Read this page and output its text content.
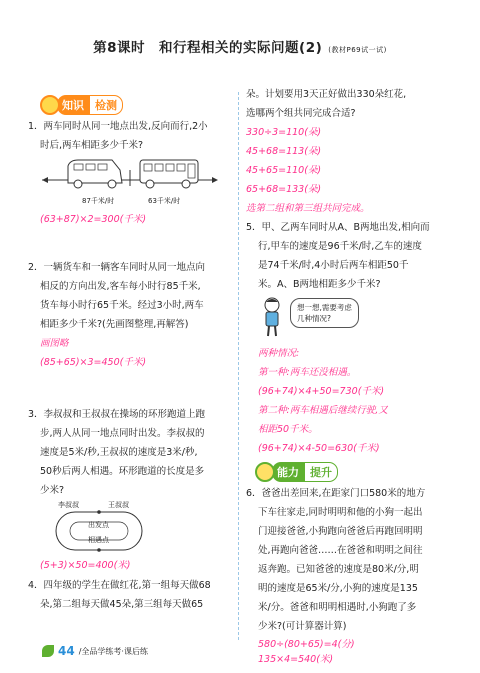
第8课时　和行程相关的实际问题(2) (教材P69试一试)
知识	检测
1．两车同时从同一地点出发,反向而行,2小
时后,两车相距多少千米?
87千米/时	63千米/时
(63+87)×2=300(千米)
2．一辆货车和一辆客车同时从同一地点向
相反的方向出发,客车每小时行85千米,
货车每小时行65千米。经过3小时,两车
相距多少千米?(先画图整理,再解答)
画图略
(85+65)×3=450(千米)
3．李叔叔和王叔叔在操场的环形跑道上跑
步,两人从同一地点同时出发。李叔叔的
速度是5米/秒,王叔叔的速度是3米/秒,
50秒后两人相遇。环形跑道的长度是多
少米?
李叔叔	王叔叔
出发点
相遇点
(5+3)×50=400(米)
4．四年级的学生在做红花,第一组每天做68
朵,第二组每天做45朵,第三组每天做65
朵。计划要用3天正好做出330朵红花,
选哪两个组共同完成合适?
330÷3=110(朵)
45+68=113(朵)
45+65=110(朵)
65+68=133(朵)
选第二组和第三组共同完成。
5．甲、乙两车同时从A、B两地出发,相向而
行,甲车的速度是96千米/时,乙车的速度
是74千米/时,4小时后两车相距50千
米。A、B两地相距多少千米?
想一想,需要考虑
几种情况?
两种情况:
第一种:两车还没相遇。
(96+74)×4+50=730(千米)
第二种:两车相遇后继续行驶,又
相距50千米。
(96+74)×4-50=630(千米)
能力	提升
6．爸爸出差回来,在距家门口580米的地方
下车往家走,同时明明和他的小狗一起出
门迎接爸爸,小狗跑向爸爸后再跑回明明
处,再跑向爸爸……在爸爸和明明之间往
返奔跑。已知爸爸的速度是80米/分,明
明的速度是65米/分,小狗的速度是135
米/分。爸爸和明明相遇时,小狗跑了多
少米?(可计算器计算)
580÷(80+65)=4(分)
135×4=540(米)
44 /全品学练考·课后练
